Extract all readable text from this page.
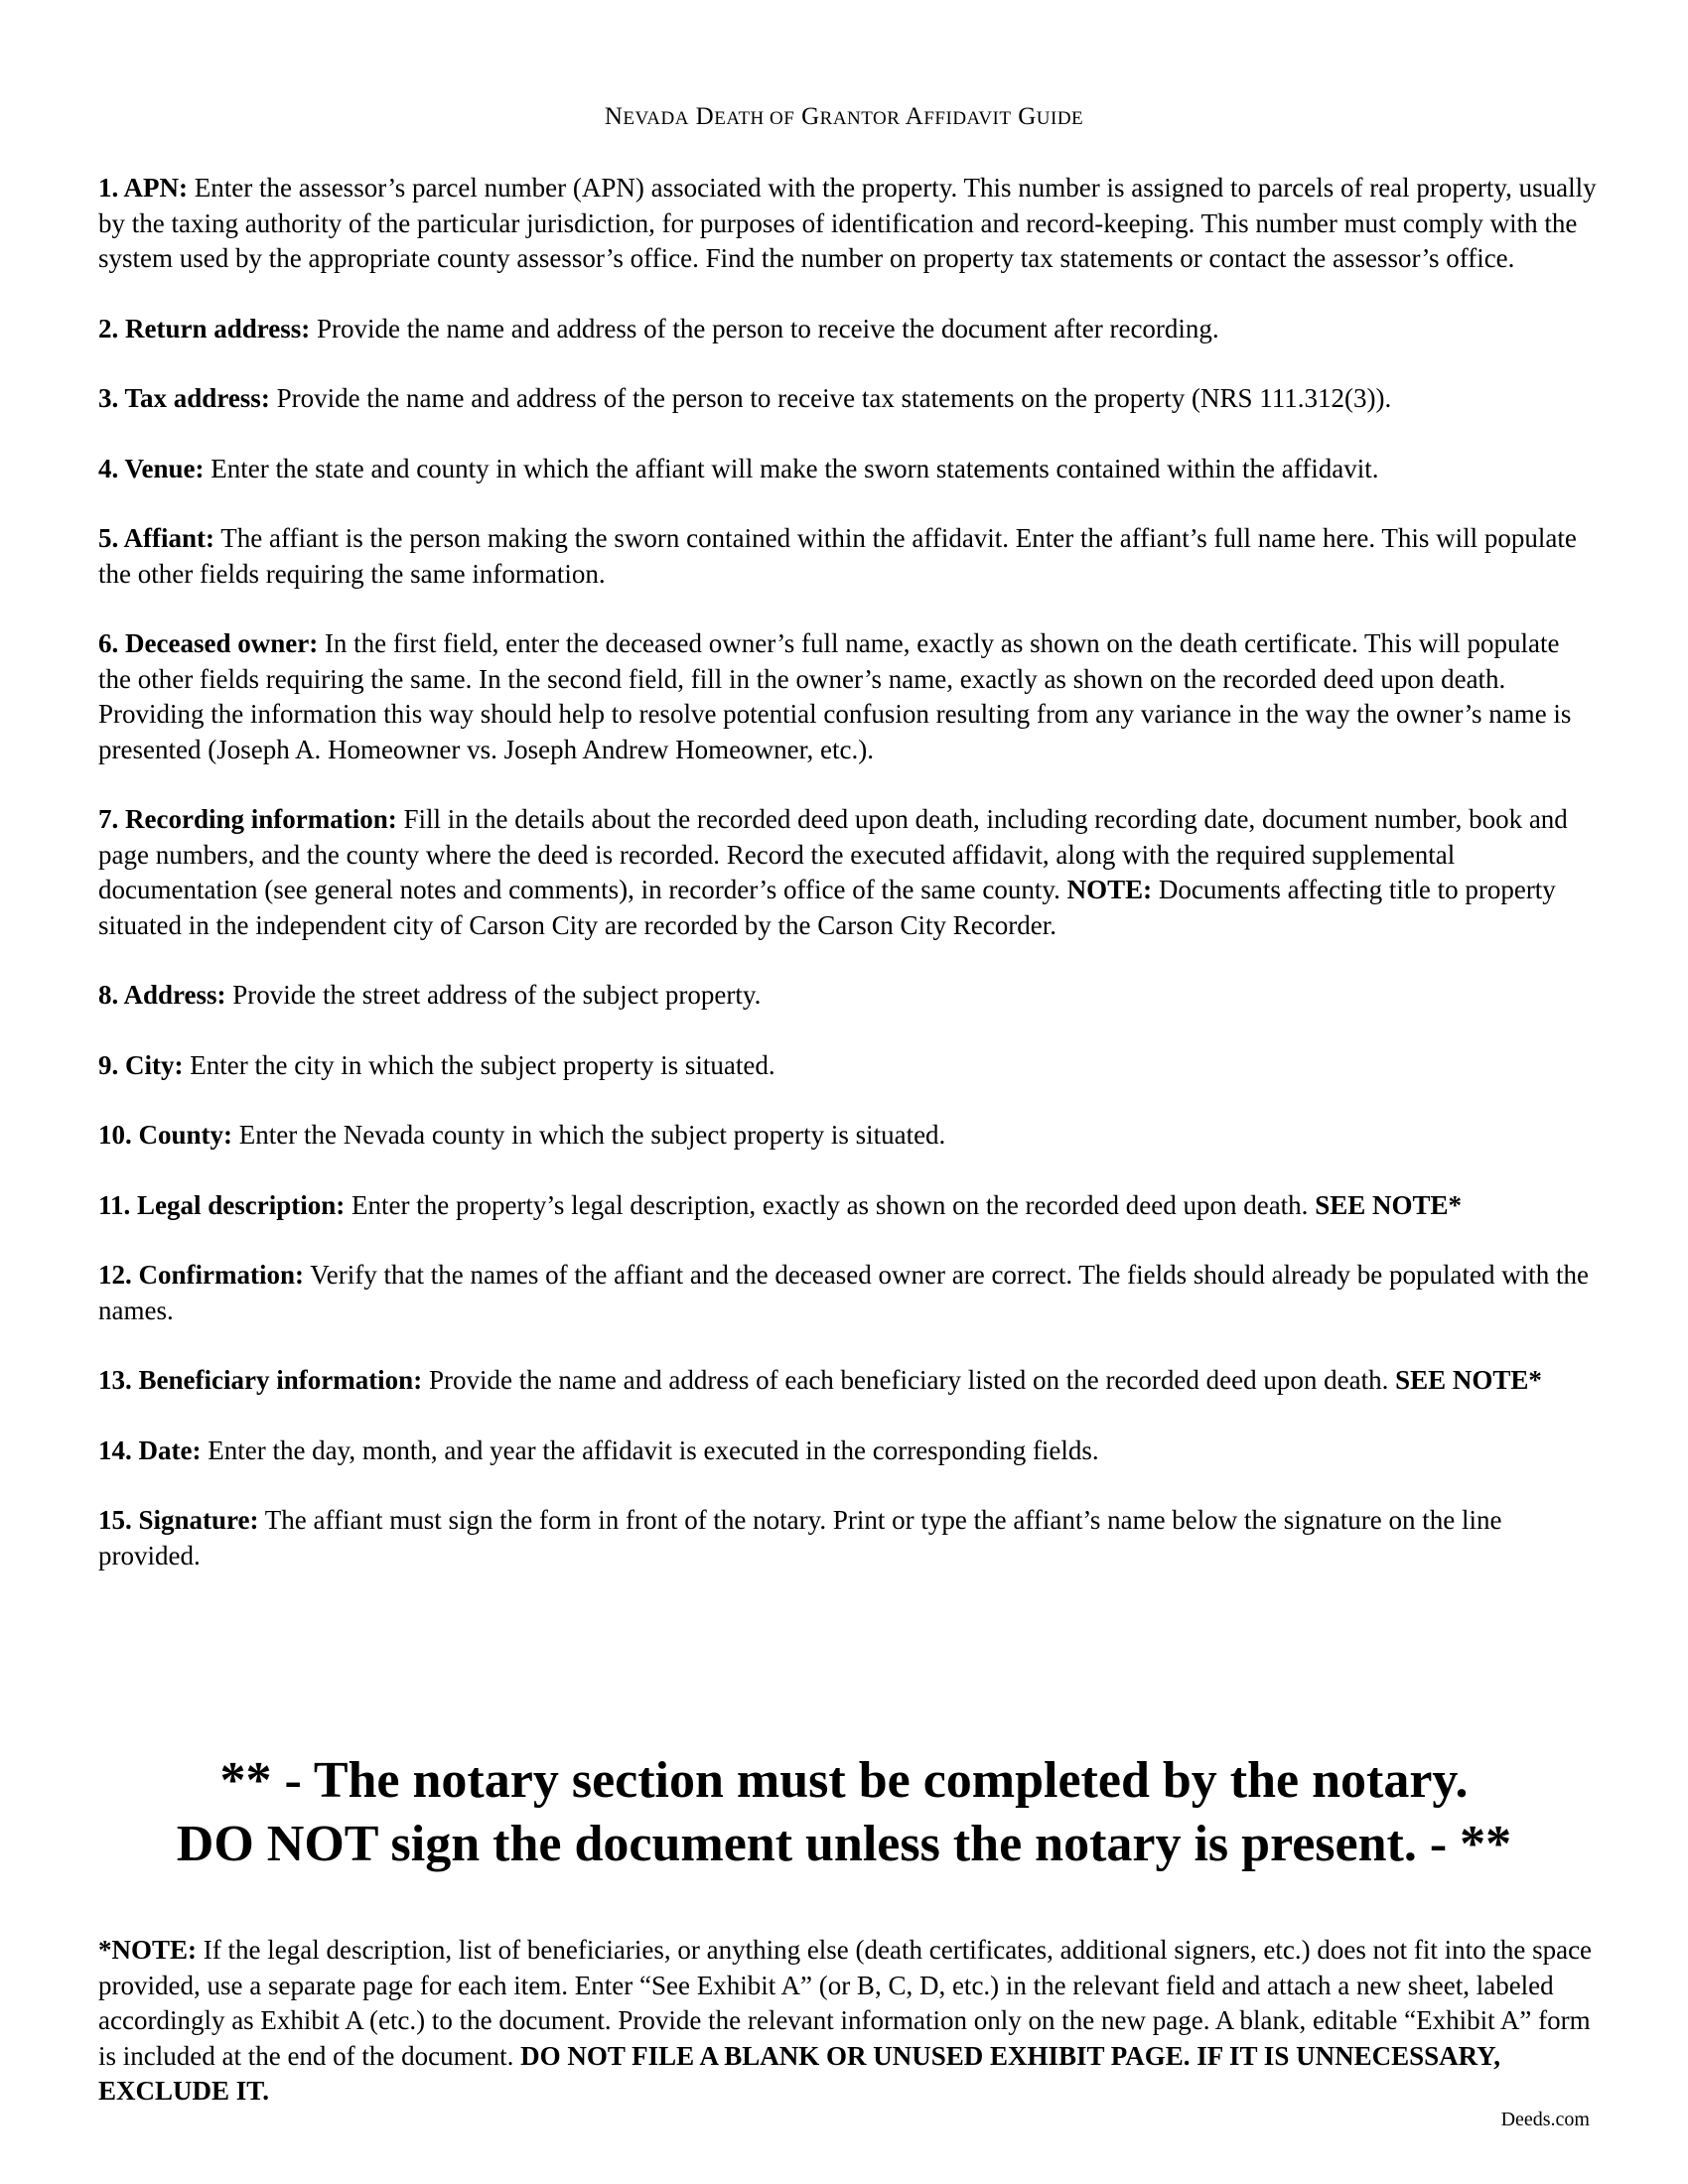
NEVADA DEATH OF GRANTOR AFFIDAVIT GUIDE

1. APN: Enter the assessor’s parcel number (APN) associated with the property. This number is assigned to parcels of real property, usually by the taxing authority of the particular jurisdiction, for purposes of identification and record-keeping. This number must comply with the system used by the appropriate county assessor’s office. Find the number on property tax statements or contact the assessor’s office.

2. Return address: Provide the name and address of the person to receive the document after recording.

3. Tax address: Provide the name and address of the person to receive tax statements on the property (NRS 111.312(3)).

4. Venue: Enter the state and county in which the affiant will make the sworn statements contained within the affidavit.

5. Affiant: The affiant is the person making the sworn contained within the affidavit. Enter the affiant’s full name here. This will populate the other fields requiring the same information.

6. Deceased owner: In the first field, enter the deceased owner’s full name, exactly as shown on the death certificate. This will populate the other fields requiring the same. In the second field, fill in the owner’s name, exactly as shown on the recorded deed upon death. Providing the information this way should help to resolve potential confusion resulting from any variance in the way the owner’s name is presented (Joseph A. Homeowner vs. Joseph Andrew Homeowner, etc.).

7. Recording information: Fill in the details about the recorded deed upon death, including recording date, document number, book and page numbers, and the county where the deed is recorded. Record the executed affidavit, along with the required supplemental documentation (see general notes and comments), in recorder’s office of the same county. NOTE: Documents affecting title to property situated in the independent city of Carson City are recorded by the Carson City Recorder.

8. Address: Provide the street address of the subject property.

9. City: Enter the city in which the subject property is situated.

10. County: Enter the Nevada county in which the subject property is situated.

11. Legal description: Enter the property’s legal description, exactly as shown on the recorded deed upon death. SEE NOTE*

12. Confirmation: Verify that the names of the affiant and the deceased owner are correct. The fields should already be populated with the names.

13. Beneficiary information: Provide the name and address of each beneficiary listed on the recorded deed upon death. SEE NOTE*

14. Date: Enter the day, month, and year the affidavit is executed in the corresponding fields.

15. Signature: The affiant must sign the form in front of the notary. Print or type the affiant’s name below the signature on the line provided.

** - The notary section must be completed by the notary.
DO NOT sign the document unless the notary is present. - **

*NOTE: If the legal description, list of beneficiaries, or anything else (death certificates, additional signers, etc.) does not fit into the space provided, use a separate page for each item. Enter “See Exhibit A” (or B, C, D, etc.) in the relevant field and attach a new sheet, labeled accordingly as Exhibit A (etc.) to the document. Provide the relevant information only on the new page. A blank, editable “Exhibit A” form is included at the end of the document. DO NOT FILE A BLANK OR UNUSED EXHIBIT PAGE. IF IT IS UNNECESSARY, EXCLUDE IT.

Deeds.com
